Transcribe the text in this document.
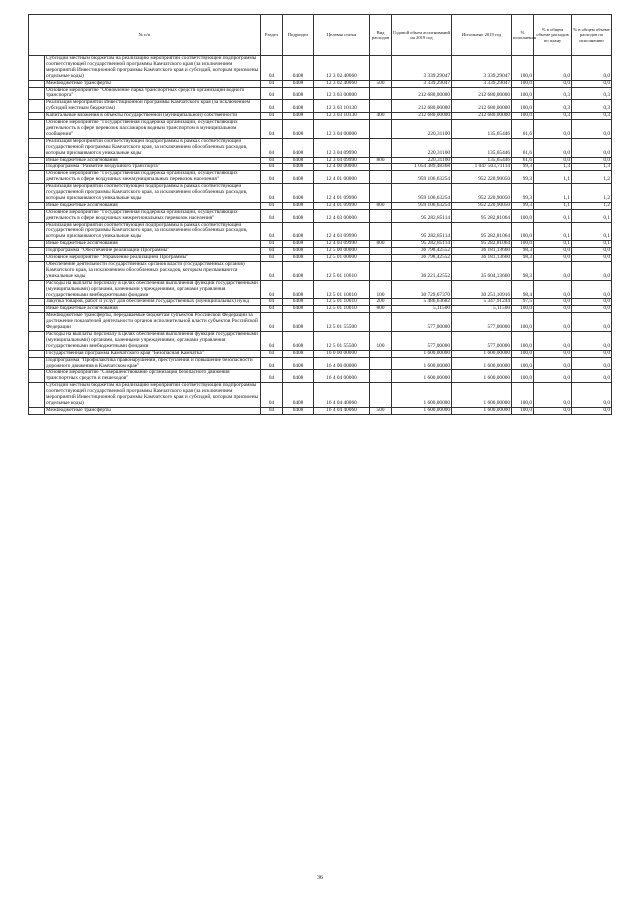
№ п/п		Раздел	Подраздел	Целевая статья	Вид расходов	Годовой объем ассигнований на 2019 год	Исполнено 2019 год	% исполнения	% в общем объеме расходов по плану	% в общем объеме расходов по исполнению
	Субсидии местным бюджетам на реализацию мероприятий соответствующей подпрограммы соответствующей государственной программы Камчатского края (за исключением мероприятий Инвестиционной программы Камчатского края и субсидий, которым присвоены отдельные коды)	04	0408	12 3 02 40060		3 339,29047	3 339,29047	100,0	0,0	0,0
	Межбюджетные трансферты	04	0408	12 3 02 40060	500	3 339,29047	3 339,29047	100,0	0,0	0,0
	Основное мероприятие "Обновление парка транспортных средств организаций водного транспорта"	04	0408	12 3 03 00000		212 680,00000	212 680,00000	100,0	0,3	0,3
	Реализация мероприятий Инвестиционной программы Камчатского края (за исключением субсидий местным бюджетам)	04	0408	12 3 03 10130		212 680,00000	212 680,00000	100,0	0,3	0,3
	Капитальные вложения в объекты государственной (муниципальной) собственности	04	0408	12 3 03 10130	400	212 680,00000	212 680,00000	100,0	0,3	0,3
	Основное мероприятие "Государственная поддержка организаций, осуществляющих деятельность в сфере перевозок пассажиров водным транспортом в муниципальном сообщении"	04	0408	12 3 04 00000		220,31100	135,65446	61,6	0,0	0,0
	Реализация мероприятий соответствующей подпрограммы в рамках соответствующей государственной программы Камчатского края, за исключением обособленных расходов, которым присваиваются уникальные коды	04	0408	12 3 04 09990		220,31100	135,65446	61,6	0,0	0,0
	Иные бюджетные ассигнования	04	0408	12 3 04 09990	800	220,31100	135,65446	61,6	0,0	0,0
	Подпрограмма "Развитие воздушного транспорта"	04	0408	12 4 00 00000		1 054 389,48368	1 047 503,71114	99,3	1,3	1,3
	Основное мероприятие "Государственная поддержка организаций, осуществляющих деятельность в сфере воздушных межмуниципальных перевозок населения"	04	0408	12 4 01 00000		959 106,63254	952 220,90050	99,3	1,1	1,2
	Реализация мероприятий соответствующей подпрограммы в рамках соответствующей государственной программы Камчатского края, за исключением обособленных расходов, которым присваиваются уникальные коды	04	0408	12 4 01 09990		959 106,63254	952 220,90050	99,3	1,1	1,2
	Иные бюджетные ассигнования	04	0408	12 4 01 09990	800	959 106,63254	952 220,90050	99,3	1,1	1,2
	Основное мероприятие "Государственная поддержка организаций, осуществляющих деятельность в сфере воздушных межрегиональных перевозок населения"	04	0408	12 4 03 00000		95 282,85114	95 282,81064	100,0	0,1	0,1
	Реализация мероприятий соответствующей подпрограммы в рамках соответствующей государственной программы Камчатского края, за исключением обособленных расходов, которым присваиваются уникальные коды	04	0408	12 4 03 09990		95 282,85114	95 282,81064	100,0	0,1	0,1
	Иные бюджетные ассигнования	04	0408	12 4 03 09990	800	95 282,85114	95 282,81064	100,0	0,1	0,1
	Подпрограмма "Обеспечение реализации Программы"	04	0408	12 5 00 00000		36 798,42552	36 181,13660	98,3	0,0	0,0
	Основное мероприятие "Управление реализацией Программы"	04	0408	12 5 01 00000		36 798,42552	36 181,13660	98,3	0,0	0,0
	Обеспечение деятельности государственных органов власти (государственных органов) Камчатского края, за исключением обособленных расходов, которым присваиваются уникальные коды	04	0408	12 5 01 10010		36 221,42552	35 604,13660	98,3	0,0	0,0
	Расходы на выплаты персоналу в целях обеспечения выполнения функций государственными (муниципальными) органами, казенными учреждениями, органами управления государственными внебюджетными фондами	04	0408	12 5 01 10010	100	30 729,67370	30 251,10916	98,4	0,0	0,0
	Закупка товаров, работ и услуг для обеспечения государственных (муниципальных) нужд	04	0408	12 5 01 10010	200	5 486,63682	5 347,91244	97,5	0,0	0,0
	Иные бюджетные ассигнования	04	0408	12 5 01 10010	800	5,11500	5,11500	100,0	0,0	0,0
	Межбюджетные трансферты, передаваемые бюджетам субъектов Российской Федерации за достижение показателей деятельности органов исполнительной власти субъектов Российской Федерации	04	0408	12 5 01 55500		577,00000	577,00000	100,0	0,0	0,0
	Расходы на выплаты персоналу в целях обеспечения выполнения функций государственными (муниципальными) органами, казенными учреждениями, органами управления государственными внебюджетными фондами	04	0408	12 5 01 55500	100	577,00000	577,00000	100,0	0,0	0,0
	Государственная программа Камчатского края "Безопасная Камчатка"	04	0408	16 0 00 00000		1 600,00000	1 600,00000	100,0	0,0	0,0
	Подпрограмма "Профилактика правонарушений, преступлений и повышение безопасности дорожного движения в Камчатском крае"	04	0408	16 4 00 00000		1 600,00000	1 600,00000	100,0	0,0	0,0
	Основное мероприятие "Совершенствование организации безопасного движения транспортных средств и пешеходов"	04	0408	16 4 04 00000		1 600,00000	1 600,00000	100,0	0,0	0,0
	Субсидии местным бюджетам на реализацию мероприятий соответствующей подпрограммы соответствующей государственной программы Камчатского края (за исключением мероприятий Инвестиционной программы Камчатского края и субсидий, которым присвоены отдельные коды)	04	0408	16 4 04 40060		1 600,00000	1 600,00000	100,0	0,0	0,0
	Межбюджетные трансферты	04	0408	16 4 04 40060	500	1 600,00000	1 600,00000	100,0	0,0	0,0
36
